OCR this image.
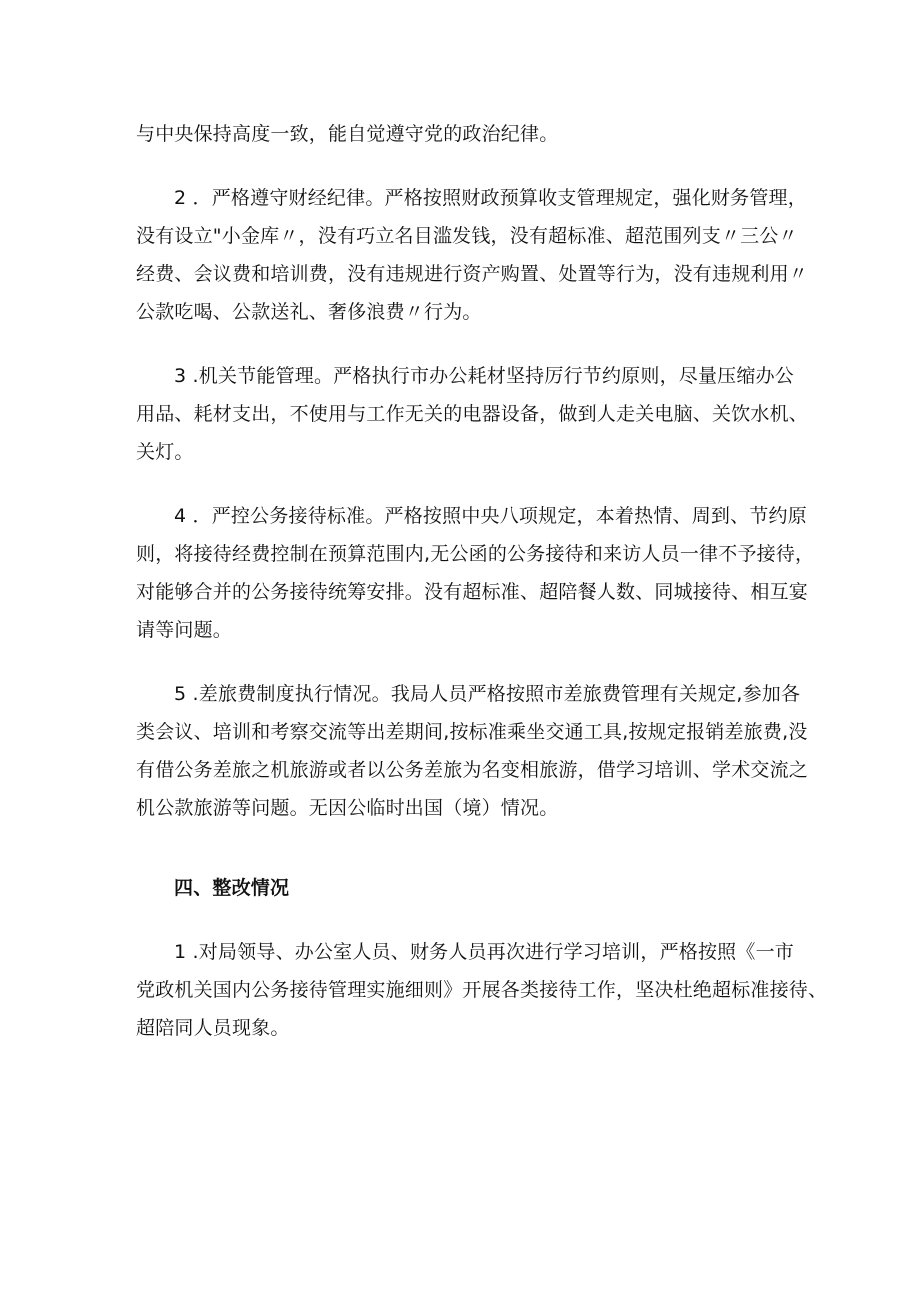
与中央保持高度一致，能自觉遵守党的政治纪律。
2 ．严格遵守财经纪律。严格按照财政预算收支管理规定，强化财务管理，
没有设立"小金库〃，没有巧立名目滥发钱，没有超标准、超范围列支〃三公〃
经费、会议费和培训费，没有违规进行资产购置、处置等行为，没有违规利用〃
公款吃喝、公款送礼、奢侈浪费〃行为。
3 .机关节能管理。严格执行市办公耗材坚持厉行节约原则，尽量压缩办公
用品、耗材支出，不使用与工作无关的电器设备，做到人走关电脑、关饮水机、
关灯。
4 ．严控公务接待标准。严格按照中央八项规定，本着热情、周到、节约原
则，将接待经费控制在预算范围内,无公函的公务接待和来访人员一律不予接待，
对能够合并的公务接待统筹安排。没有超标准、超陪餐人数、同城接待、相互宴
请等问题。
5 .差旅费制度执行情况。我局人员严格按照市差旅费管理有关规定,参加各
类会议、培训和考察交流等出差期间,按标准乘坐交通工具,按规定报销差旅费,没
有借公务差旅之机旅游或者以公务差旅为名变相旅游，借学习培训、学术交流之
机公款旅游等问题。无因公临时出国（境）情况。
四、整改情况
1 .对局领导、办公室人员、财务人员再次进行学习培训，严格按照《一市
党政机关国内公务接待管理实施细则》开展各类接待工作，坚决杜绝超标准接待、
超陪同人员现象。
